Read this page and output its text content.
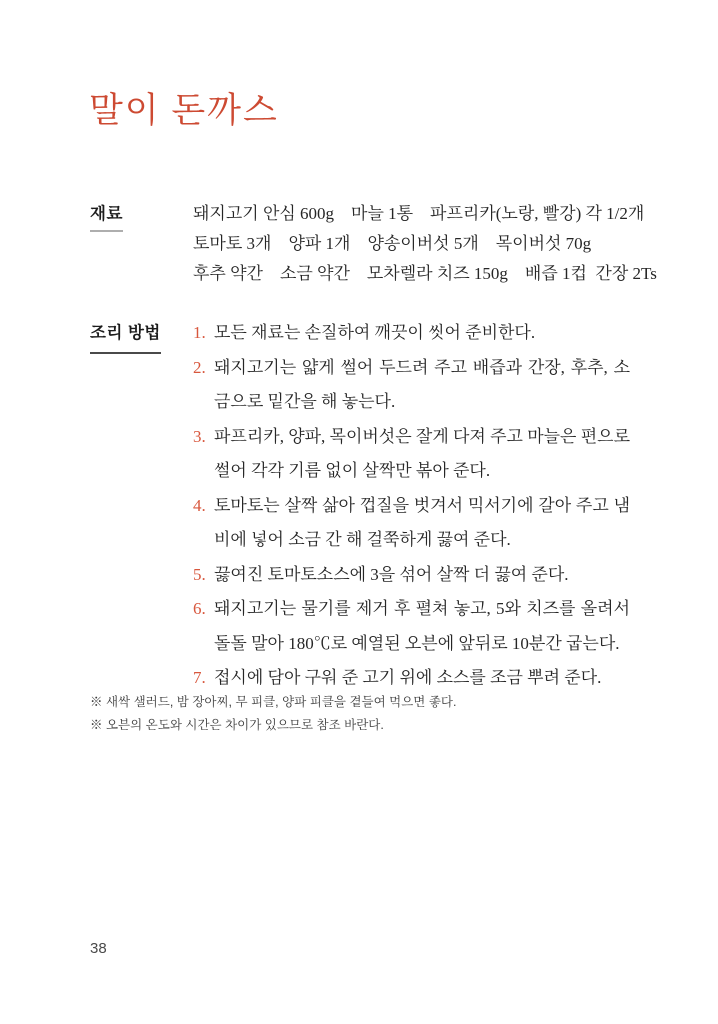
말이 돈까스
재료	돼지고기 안심 600g  마늘 1통  파프리카(노랑, 빨강) 각 1/2개
토마토 3개  양파 1개  양송이버섯 5개  목이버섯 70g
후추 약간  소금 약간  모차렐라 치즈 150g  배즙 1컵 간장 2Ts
조리 방법	1. 모든 재료는 손질하여 깨끗이 씻어 준비한다.
2. 돼지고기는 얇게 썰어 두드려 주고 배즙과 간장, 후추, 소금으로 밑간을 해 놓는다.
3. 파프리카, 양파, 목이버섯은 잘게 다져 주고 마늘은 편으로 썰어 각각 기름 없이 살짝만 볶아 준다.
4. 토마토는 살짝 삶아 껍질을 벗겨서 믹서기에 갈아 주고 냄비에 넣어 소금 간 해 걸쭉하게 끓여 준다.
5. 끓여진 토마토소스에 3을 섞어 살짝 더 끓여 준다.
6. 돼지고기는 물기를 제거 후 펼쳐 놓고, 5와 치즈를 올려서 돌돌 말아 180℃로 예열된 오븐에 앞뒤로 10분간 굽는다.
7. 접시에 담아 구워 준 고기 위에 소스를 조금 뿌려 준다.
※ 새싹 샐러드, 밤 장아찌, 무 피클, 양파 피클을 곁들여 먹으면 좋다.
※ 오븐의 온도와 시간은 차이가 있으므로 참조 바란다.
38
